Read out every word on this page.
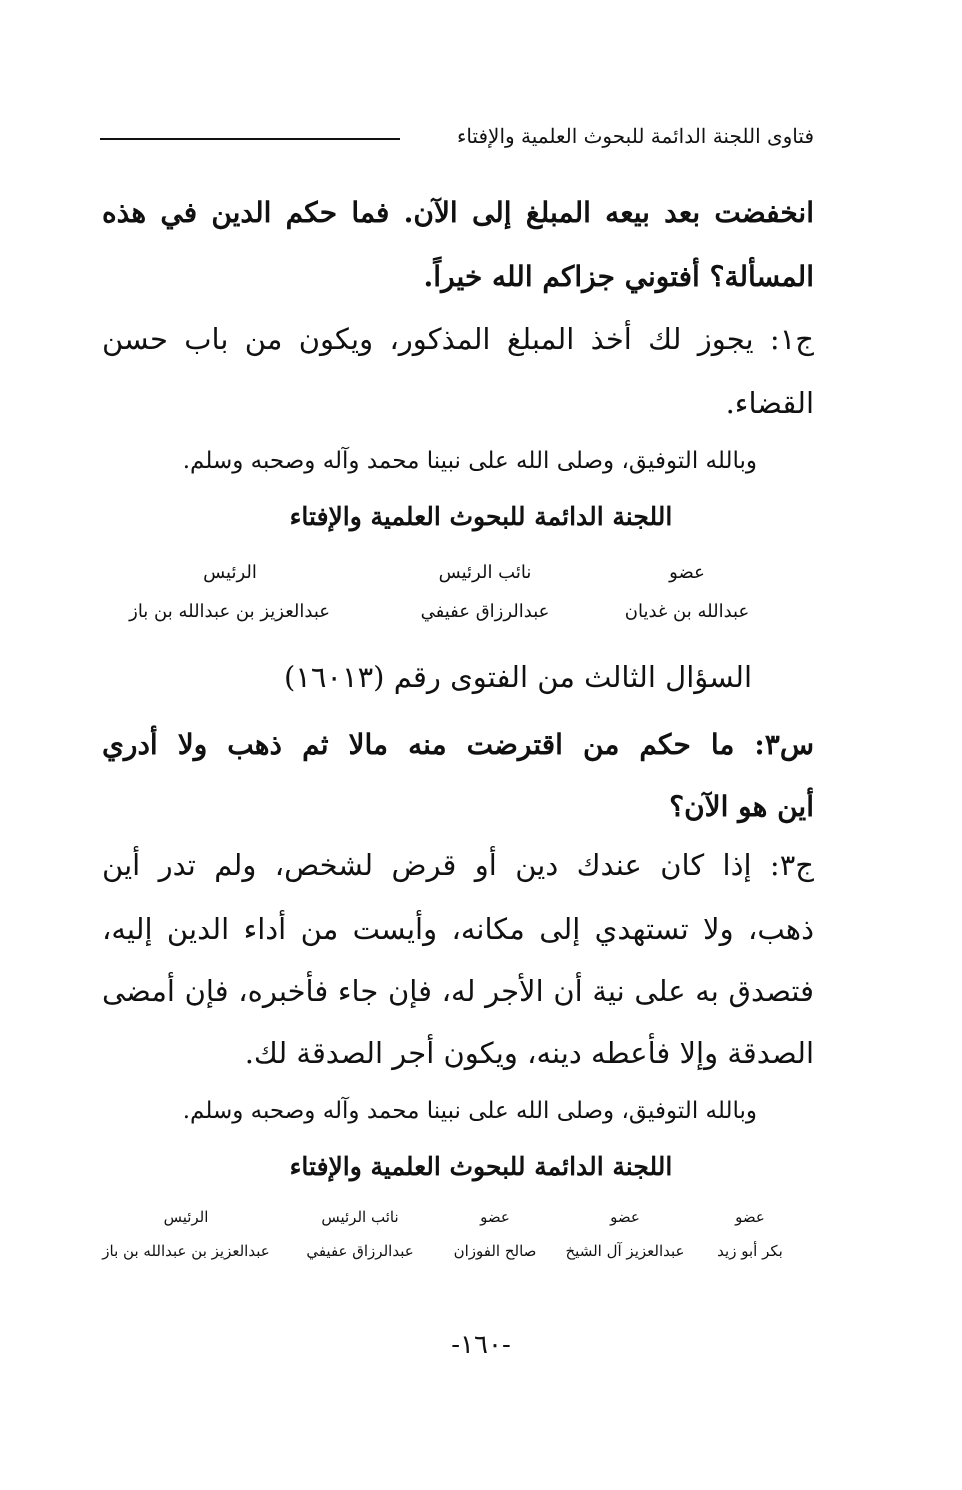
فتاوى اللجنة الدائمة للبحوث العلمية والإفتاء
انخفضت بعد بيعه المبلغ إلى الآن. فما حكم الدين في هذه
المسألة؟ أفتوني جزاكم الله خيراً.
ج١: يجوز لك أخذ المبلغ المذكور، ويكون من باب حسن
القضاء.
وبالله التوفيق، وصلى الله على نبينا محمد وآله وصحبه وسلم.
اللجنة الدائمة للبحوث العلمية والإفتاء
الرئيس
عبدالعزيز بن عبدالله بن باز
نائب الرئيس
عبدالرزاق عفيفي
عضو
عبدالله بن غديان
السؤال الثالث من الفتوى رقم (١٦٠١٣)
س٣: ما حكم من اقترضت منه مالا ثم ذهب ولا أدري
أين هو الآن؟
ج٣: إذا كان عندك دين أو قرض لشخص، ولم تدر أين
ذهب، ولا تستهدي إلى مكانه، وأيست من أداء الدين إليه،
فتصدق به على نية أن الأجر له، فإن جاء فأخبره، فإن أمضى
الصدقة وإلا فأعطه دينه، ويكون أجر الصدقة لك.
وبالله التوفيق، وصلى الله على نبينا محمد وآله وصحبه وسلم.
اللجنة الدائمة للبحوث العلمية والإفتاء
الرئيس
عبدالعزيز بن عبدالله بن باز
نائب الرئيس
عبدالرزاق عفيفي
عضو
صالح الفوزان
عضو
عبدالعزيز آل الشيخ
عضو
بكر أبو زيد
-١٦٠-
